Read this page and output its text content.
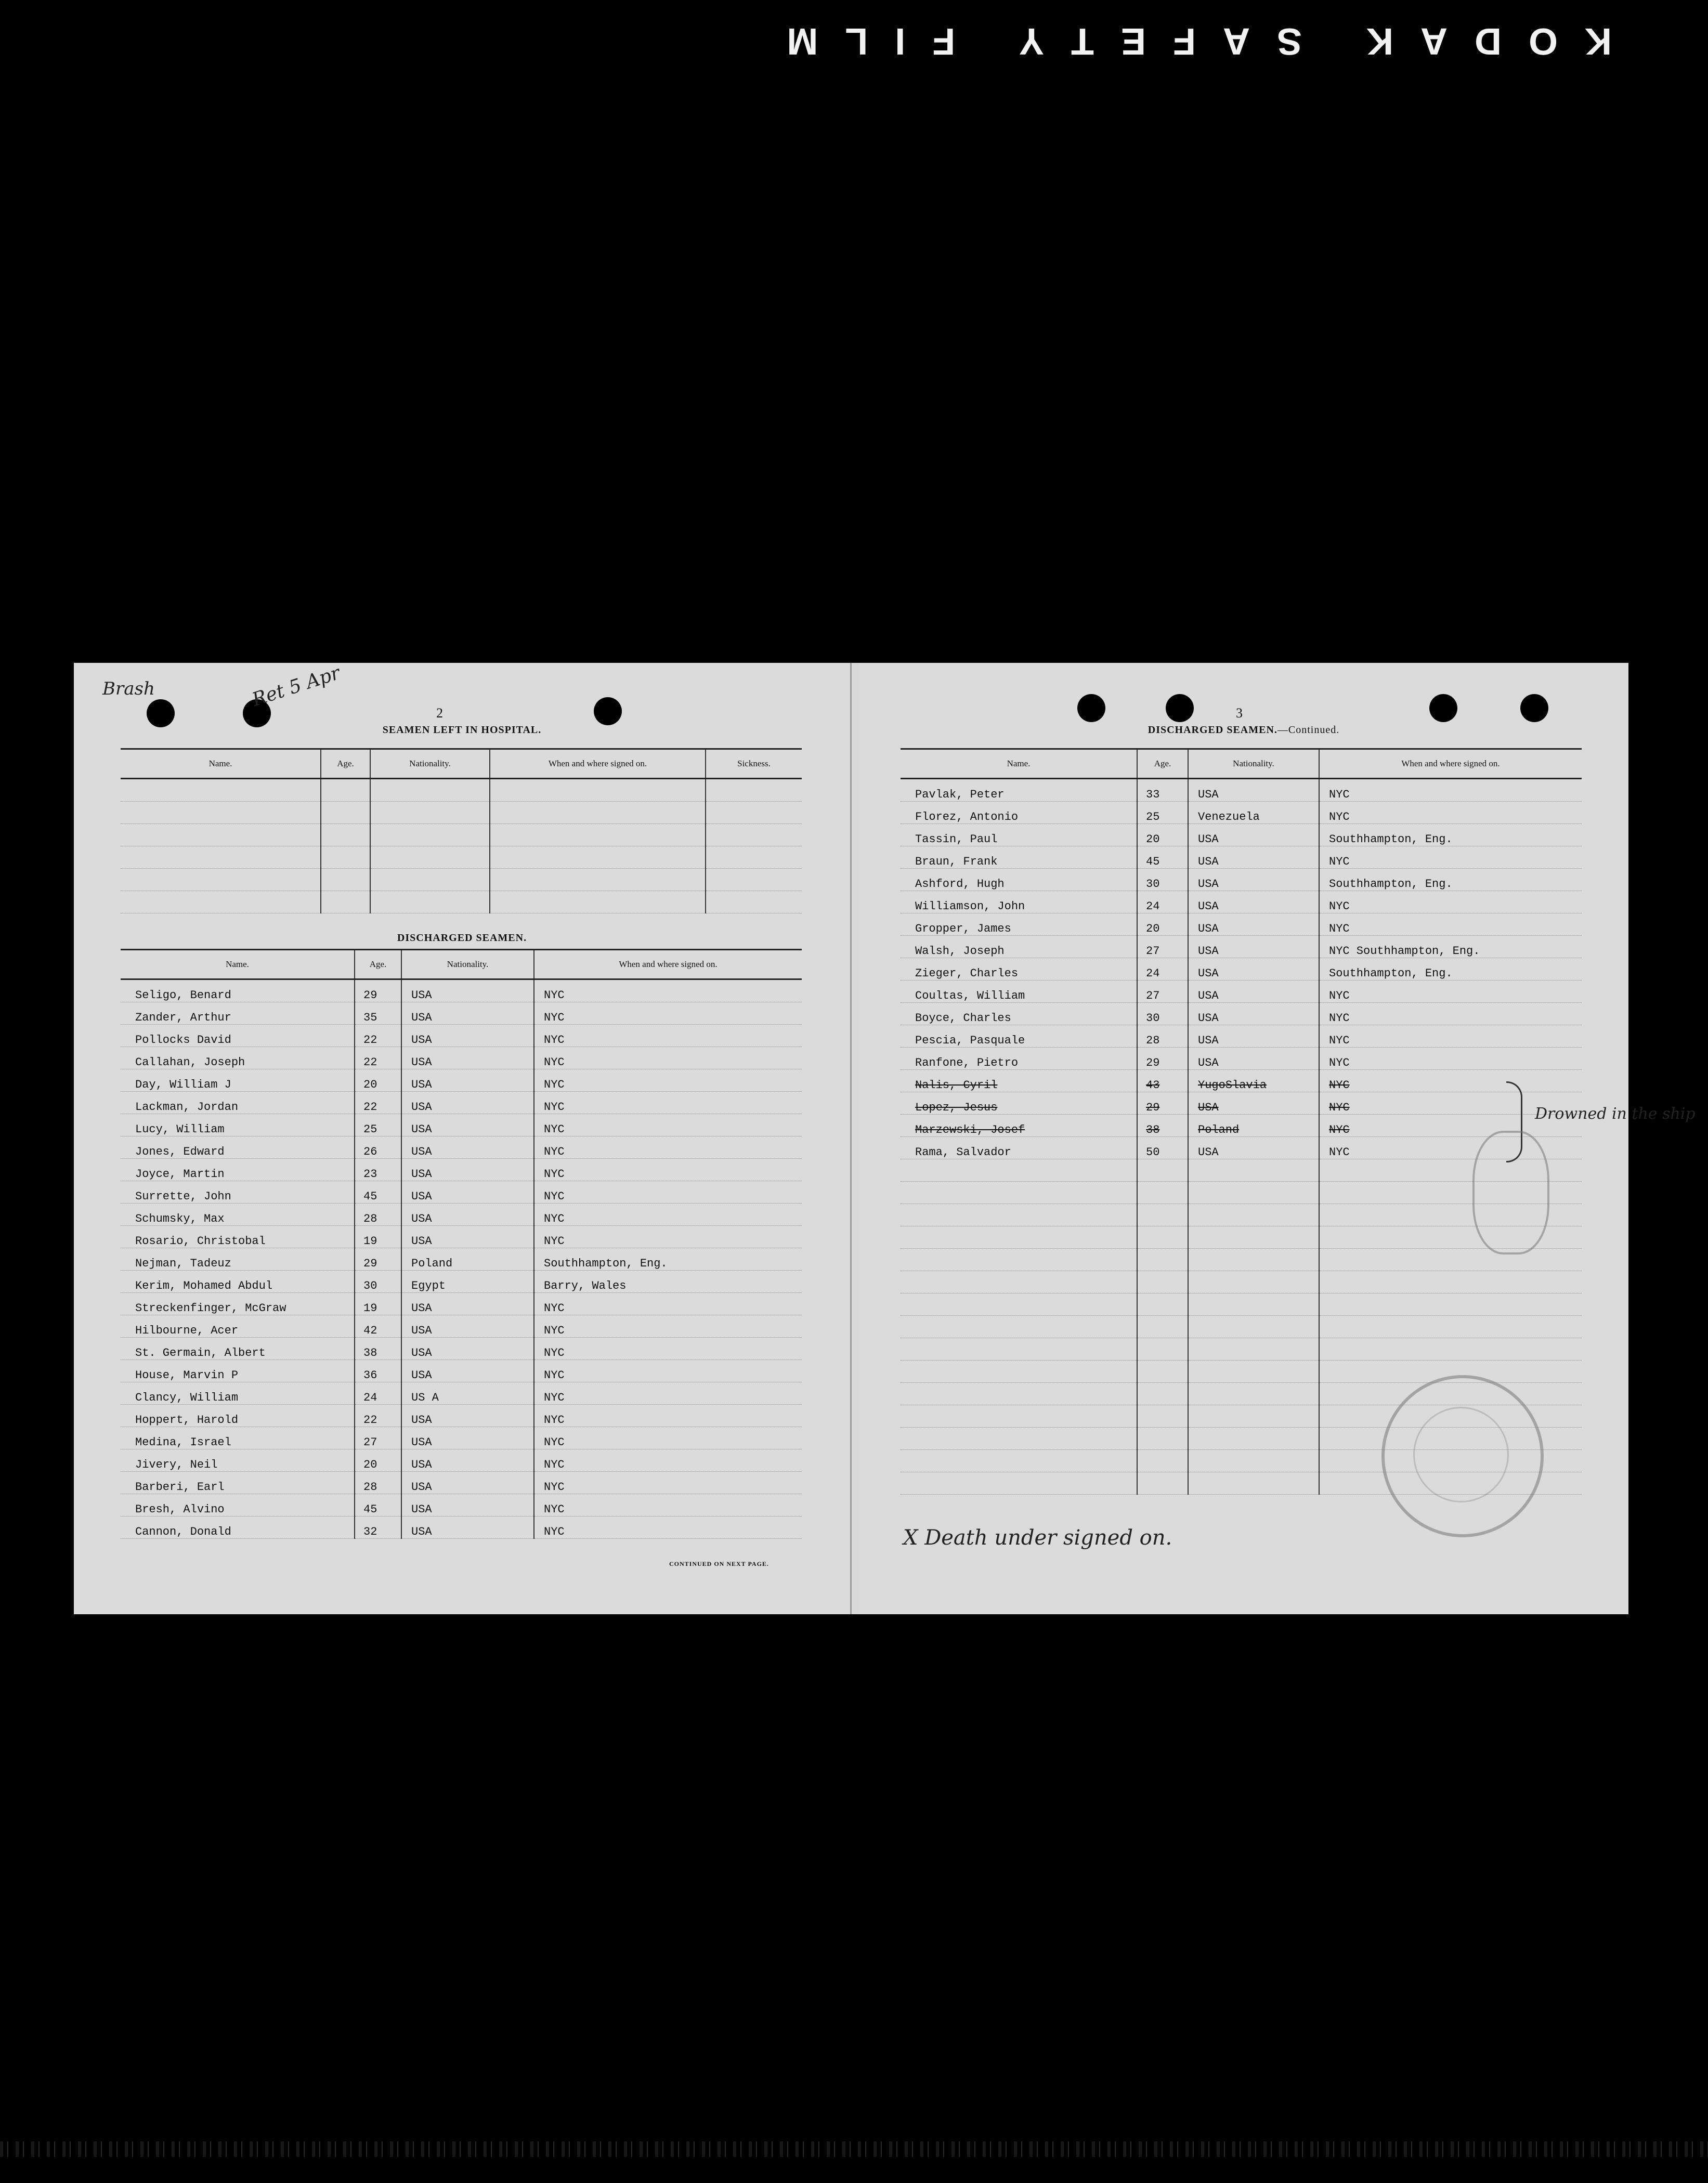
KODAK SAFETY FILM
Brash	Ret 5 Apr
2
SEAMEN LEFT IN HOSPITAL.
Name.	Age.	Nationality.	When and where signed on.	Sickness.

DISCHARGED SEAMEN.
Name.	Age.	Nationality.	When and where signed on.
Seligo, Benard	29	USA	NYC
Zander, Arthur	35	USA	NYC
Pollocks David	22	USA	NYC
Callahan, Joseph	22	USA	NYC
Day, William J	20	USA	NYC
Lackman, Jordan	22	USA	NYC
Lucy, William	25	USA	NYC
Jones, Edward	26	USA	NYC
Joyce, Martin	23	USA	NYC
Surrette, John	45	USA	NYC
Schumsky, Max	28	USA	NYC
Rosario, Christobal	19	USA	NYC
Nejman, Tadeuz	29	Poland	Southhampton, Eng.
Kerim, Mohamed Abdul	30	Egypt	Barry, Wales
Streckenfinger, McGraw	19	USA	NYC
Hilbourne, Acer	42	USA	NYC
St. Germain, Albert	38	USA	NYC
House, Marvin P	36	USA	NYC
Clancy, William	24	US A	NYC
Hoppert, Harold	22	USA	NYC
Medina, Israel	27	USA	NYC
Jivery, Neil	20	USA	NYC
Barberi, Earl	28	USA	NYC
Bresh, Alvino	45	USA	NYC
Cannon, Donald	32	USA	NYC
CONTINUED ON NEXT PAGE.
3
DISCHARGED SEAMEN.—Continued.
Name.	Age.	Nationality.	When and where signed on.
Pavlak, Peter	33	USA	NYC
Florez, Antonio	25	Venezuela	NYC
Tassin, Paul	20	USA	Southhampton, Eng.
Braun, Frank	45	USA	NYC
Ashford, Hugh	30	USA	Southhampton, Eng.
Williamson, John	24	USA	NYC
Gropper, James	20	USA	NYC
Walsh, Joseph	27	USA	NYC Southhampton, Eng.
Zieger, Charles	24	USA	Southhampton, Eng.
Coultas, William	27	USA	NYC
Boyce, Charles	30	USA	NYC
Pescia, Pasquale	28	USA	NYC
Ranfone, Pietro	29	USA	NYC
Nalis, Cyril	43	YugoSlavia	NYC
Lopez, Jesus	29	USA	NYC
Marzewski, Josef	38	Poland	NYC
Rama, Salvador	50	USA	NYC

Drowned in the ship
X Death under signed on.
